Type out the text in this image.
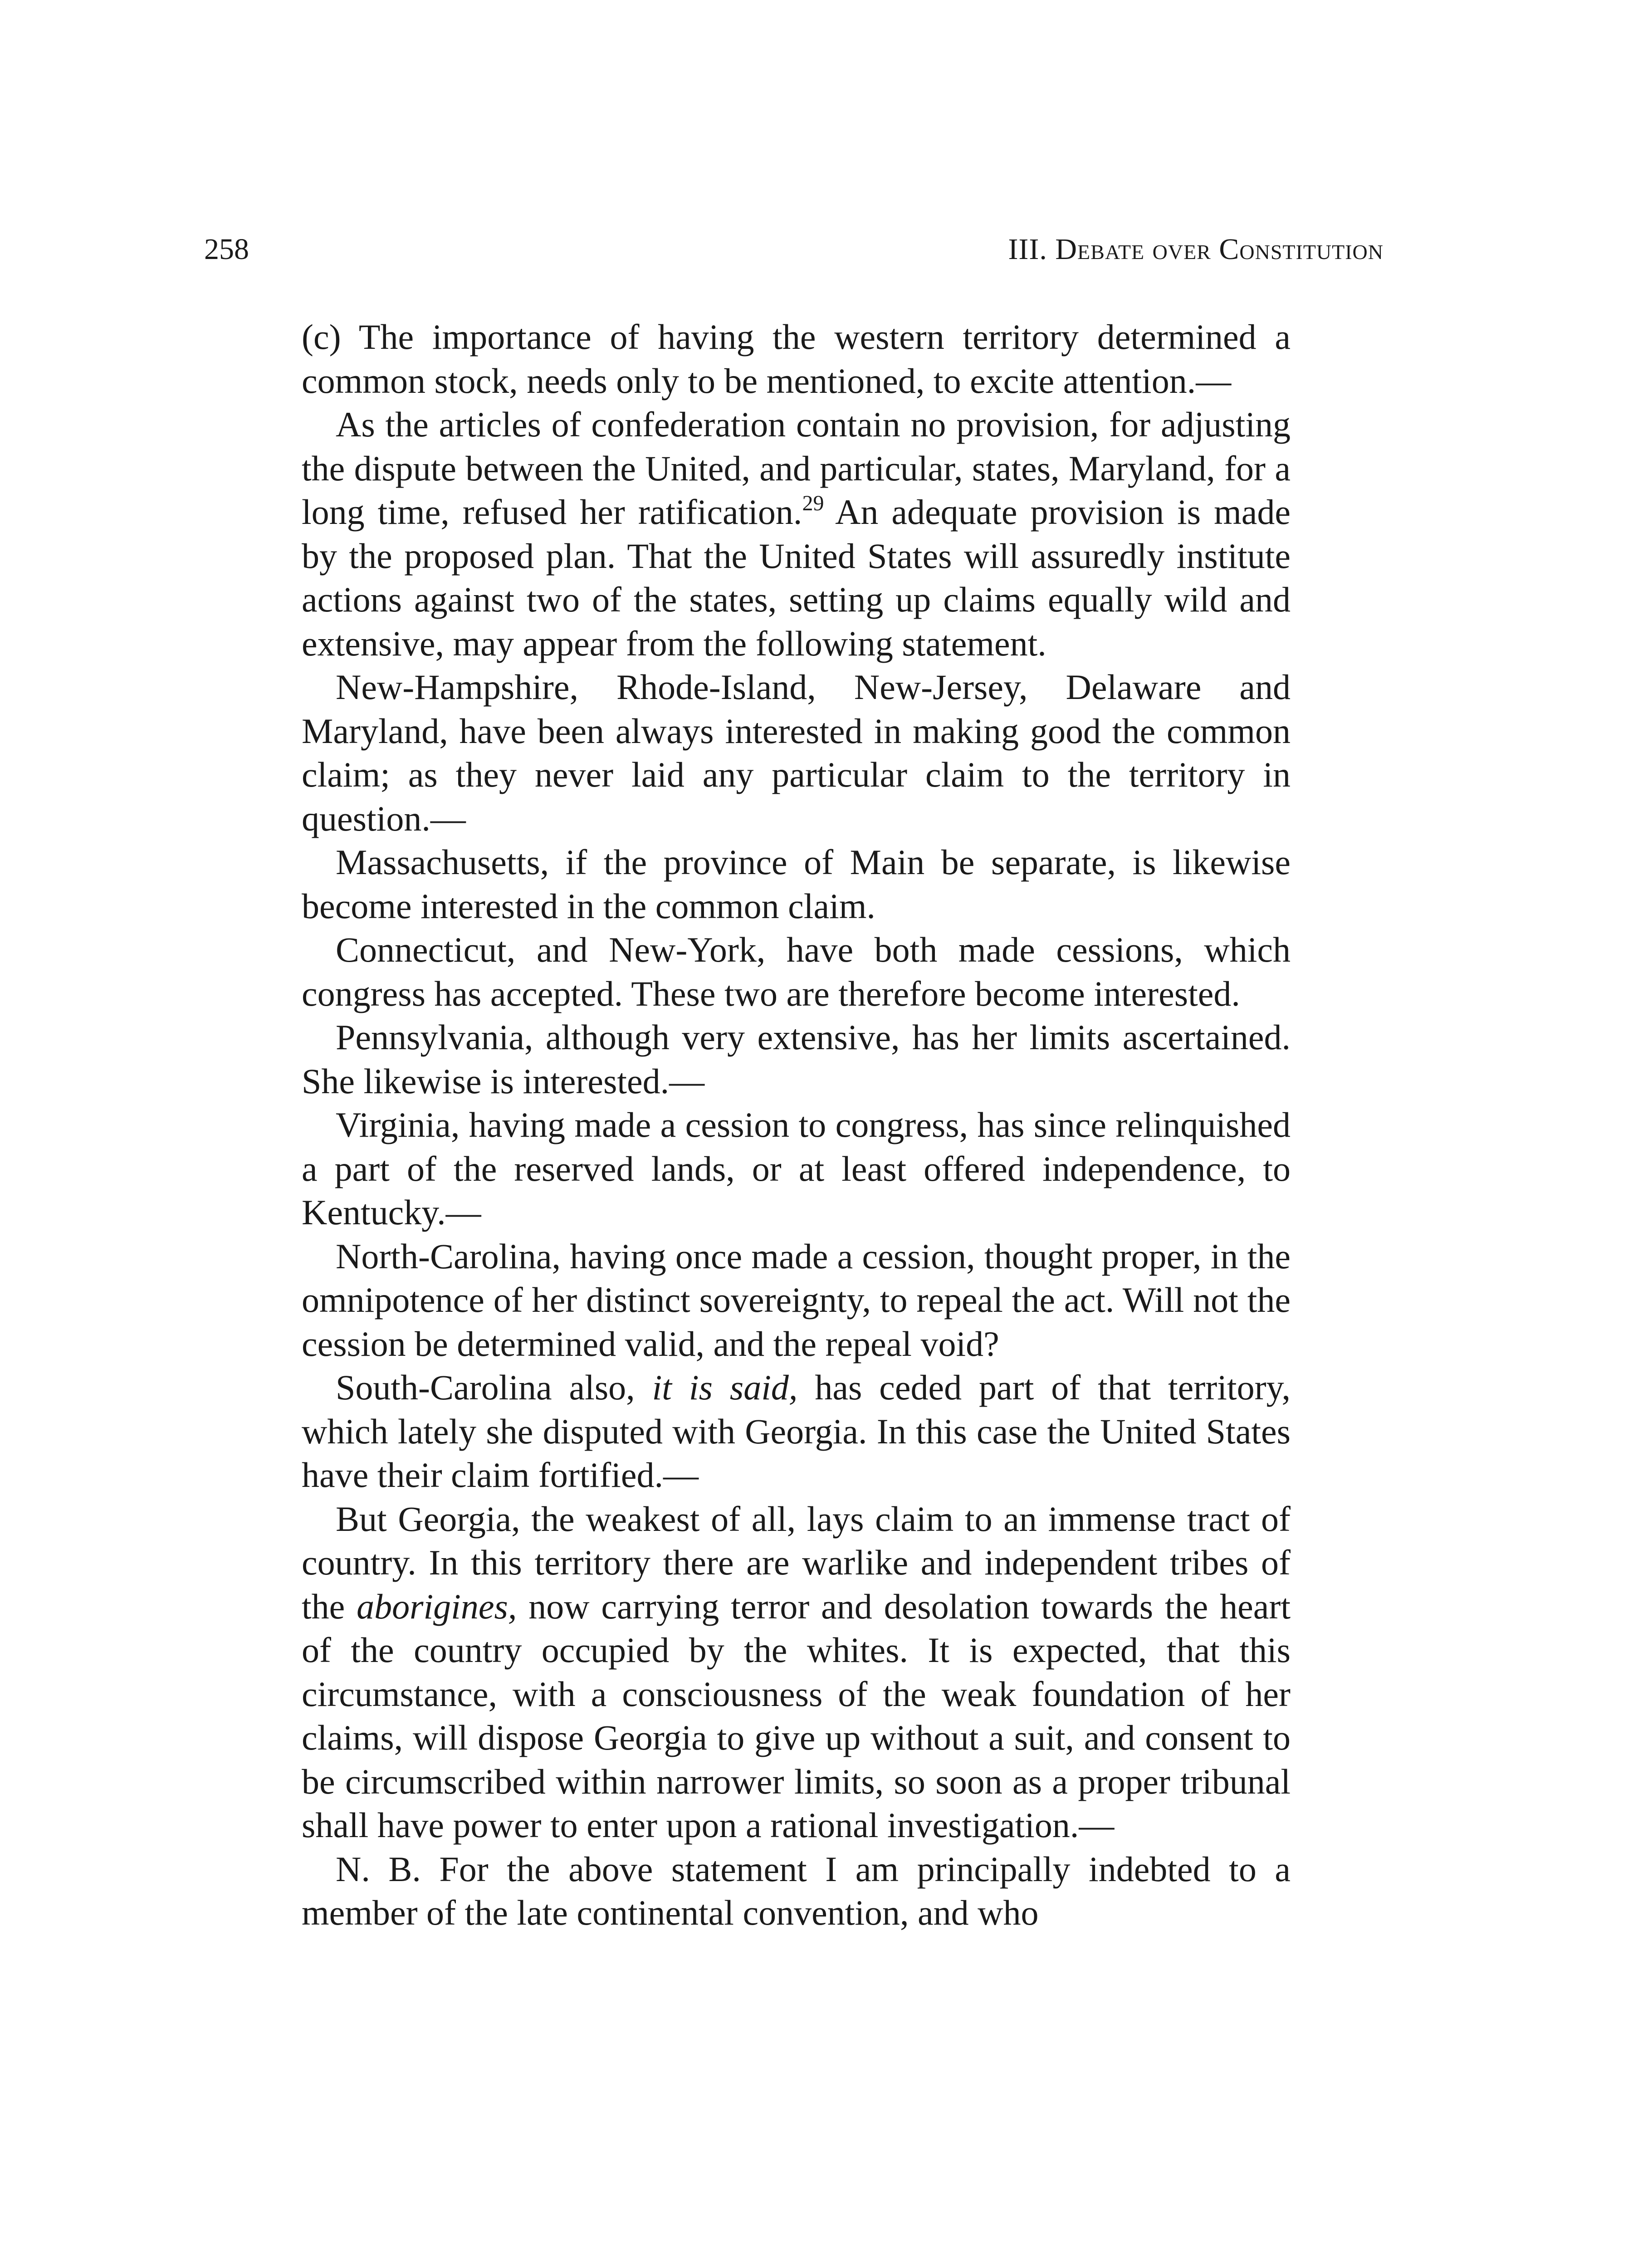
258	III. Debate over Constitution

(c) The importance of having the western territory determined a common stock, needs only to be mentioned, to excite attention.—

As the articles of confederation contain no provision, for adjusting the dispute between the United, and particular, states, Maryland, for a long time, refused her ratification.$^{29}$ An adequate provision is made by the proposed plan. That the United States will assuredly institute actions against two of the states, setting up claims equally wild and extensive, may appear from the following statement.

New-Hampshire, Rhode-Island, New-Jersey, Delaware and Maryland, have been always interested in making good the common claim; as they never laid any particular claim to the territory in question.—

Massachusetts, if the province of Main be separate, is likewise become interested in the common claim.

Connecticut, and New-York, have both made cessions, which congress has accepted. These two are therefore become interested.

Pennsylvania, although very extensive, has her limits ascertained. She likewise is interested.—

Virginia, having made a cession to congress, has since relinquished a part of the reserved lands, or at least offered independence, to Kentucky.—

North-Carolina, having once made a cession, thought proper, in the omnipotence of her distinct sovereignty, to repeal the act. Will not the cession be determined valid, and the repeal void?

South-Carolina also, it is said, has ceded part of that territory, which lately she disputed with Georgia. In this case the United States have their claim fortified.—

But Georgia, the weakest of all, lays claim to an immense tract of country. In this territory there are warlike and independent tribes of the aborigines, now carrying terror and desolation towards the heart of the country occupied by the whites. It is expected, that this circumstance, with a consciousness of the weak foundation of her claims, will dispose Georgia to give up without a suit, and consent to be circumscribed within narrower limits, so soon as a proper tribunal shall have power to enter upon a rational investigation.—

N. B. For the above statement I am principally indebted to a member of the late continental convention, and who
